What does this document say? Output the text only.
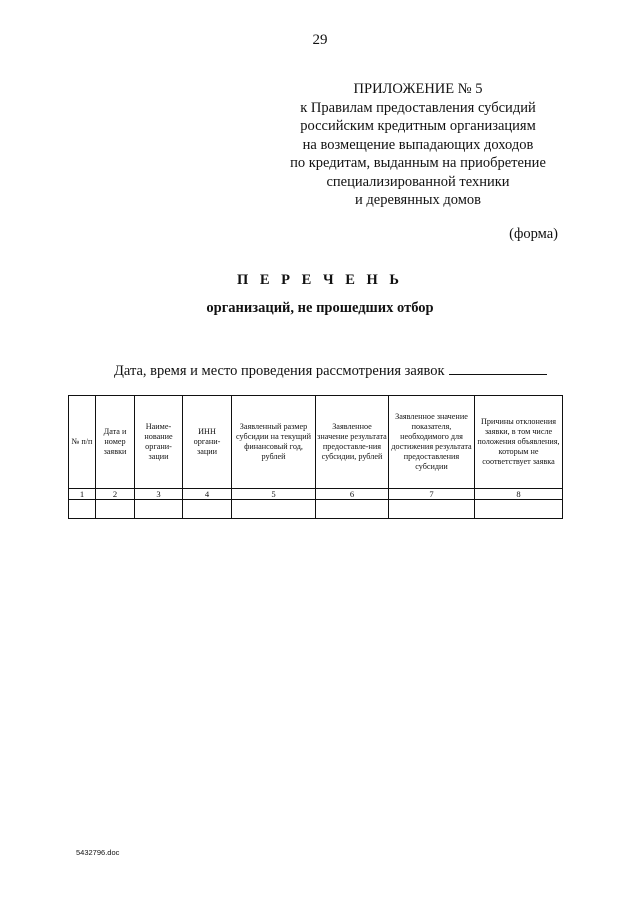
29
ПРИЛОЖЕНИЕ № 5
к Правилам предоставления субсидий
российским кредитным организациям
на возмещение выпадающих доходов
по кредитам, выданным на приобретение
специализированной техники
и деревянных домов
(форма)
П Е Р Е Ч Е Н Ь
организаций, не прошедших отбор
Дата, время и место проведения рассмотрения заявок
№ п/п	Дата и номер заявки	Наиме-нование органи-зации	ИНН органи-зации	Заявленный размер субсидии на текущий финансовый год, рублей	Заявленное значение результата предоставле-ния субсидии, рублей	Заявленное значение показателя, необходимого для достижения результата предоставления субсидии	Причины отклонения заявки, в том числе положения объявления, которым не соответствует заявка
1	2	3	4	5	6	7	8

5432796.doc
